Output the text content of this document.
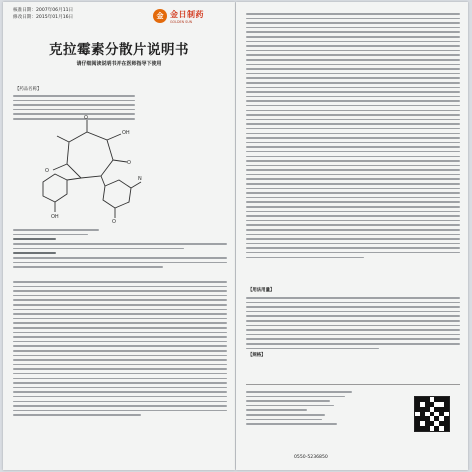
核准日期：2007年06月11日
修改日期：2015年01月16日	金 金日制药
GOLDEN SUN
克拉霉素分散片说明书
请仔细阅读说明书并在医师指导下使用
【药品名称】
O
OH
O
O
N
OH
O
【用法用量】
【规格】
0550-5236850
